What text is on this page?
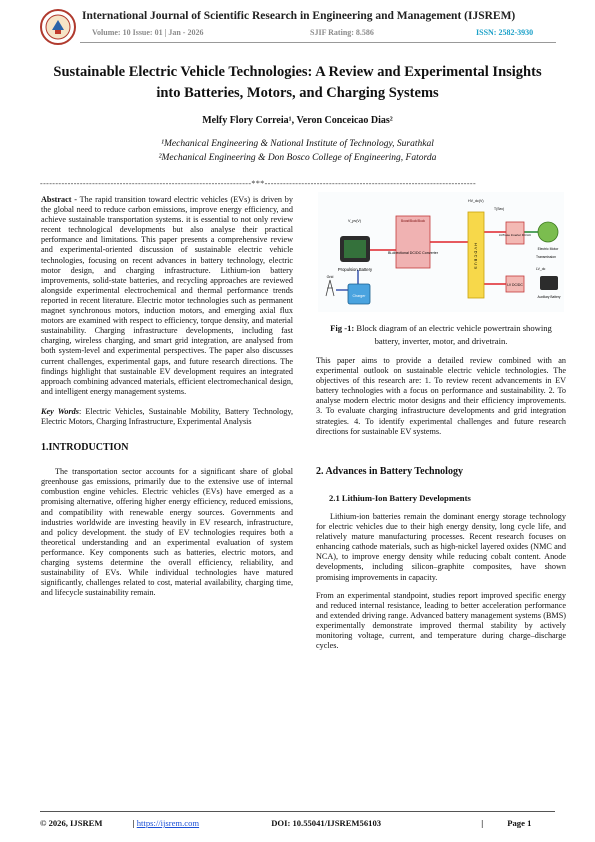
International Journal of Scientific Research in Engineering and Management (IJSREM)
Volume: 10 Issue: 01 | Jan - 2026	SJIF Rating: 8.586	ISSN: 2582-3930
Sustainable Electric Vehicle Technologies: A Review and Experimental Insights into Batteries, Motors, and Charging Systems
Melfy Flory Correia¹, Veron Conceicao Dias²
¹Mechanical Engineering & National Institute of Technology, Surathkal
²Mechanical Engineering & Don Bosco College of Engineering, Fatorda
---------------------------------------------------------------------***---------------------------------------------------------------------

Abstract - The rapid transition toward electric vehicles (EVs) is driven by the global need to reduce carbon emissions, improve energy efficiency, and achieve sustainable transportation systems. it is essential to not only review recent technological developments but also analyse their practical performance and limitations. This paper presents a comprehensive review and experimental-oriented discussion of sustainable electric vehicle technologies, focusing on recent advances in battery technology, electric motor design, and charging infrastructure. Lithium-ion battery improvements, solid-state batteries, and recycling approaches are reviewed alongside experimental electrochemical and thermal performance trends reported in recent literature. Electric motor technologies such as permanent magnet synchronous motors, induction motors, and emerging axial flux motors are examined with respect to efficiency, torque density, and material sustainability. Charging infrastructure developments, including fast charging, wireless charging, and smart grid integration, are analysed from both system-level and experimental perspectives. The paper also discusses current challenges, experimental gaps, and future research directions. The findings highlight that sustainable EV development requires an integrated approach combining advanced materials, efficient electromechanical design, and intelligent energy management systems.

Key Words: Electric Vehicles, Sustainable Mobility, Battery Technology, Electric Motors, Charging Infrastructure, Experimental Analysis

1.INTRODUCTION

The transportation sector accounts for a significant share of global greenhouse gas emissions, primarily due to the extensive use of internal combustion engine vehicles. Electric vehicles (EVs) have emerged as a promising alternative, offering higher energy efficiency, reduced emissions, and compatibility with renewable energy sources. Governments and industries worldwide are investing heavily in EV research, infrastructure, and policy development. the study of EV technologies requires both a theoretical understanding and an experimental evaluation of system performance. Key components such as batteries, electric motors, and charging systems determine the overall efficiency, reliability, and sustainability of EVs. While individual technologies have matured significantly, challenges related to cost, material availability, charging time, and lifecycle sustainability remain.

Propulsion Battery
Bi-directional DC/DC Converter
Boost/Buck/Buck
H V D C B U S
3-Phase Inverter DC/AC
Electric Motor
LV DC/DC
Auxiliary Battery
Charger
Grid
HV_dc(V)
V_pv(V)
T(Sec)
Transmission
LV_dc
Fig -1: Block diagram of an electric vehicle powertrain showing battery, inverter, motor, and drivetrain.

This paper aims to provide a detailed review combined with an experimental outlook on sustainable electric vehicle technologies. The objectives of this research are: 1. To review recent advancements in EV battery technologies with a focus on performance and sustainability. 2. To analyse modern electric motor designs and their efficiency improvements. 3. To evaluate charging infrastructure developments and grid integration strategies. 4. To identify experimental challenges and future research directions for sustainable EV systems.

2. Advances in Battery Technology
2.1 Lithium-Ion Battery Developments

Lithium-ion batteries remain the dominant energy storage technology for electric vehicles due to their high energy density, long cycle life, and relatively mature manufacturing processes. Recent research focuses on enhancing cathode materials, such as high-nickel layered oxides (NMC and NCA), to improve energy density while reducing cobalt content. Anode developments, including silicon–graphite composites, have shown promising improvements in capacity.

From an experimental standpoint, studies report improved specific energy and reduced internal resistance, leading to better acceleration performance and extended driving range. Advanced battery management systems (BMS) experimentally demonstrate improved thermal stability by actively monitoring voltage, current, and temperature during charge–discharge cycles.

© 2026, IJSREM	| https://ijsrem.com	DOI: 10.55041/IJSREM56103	|	Page 1
